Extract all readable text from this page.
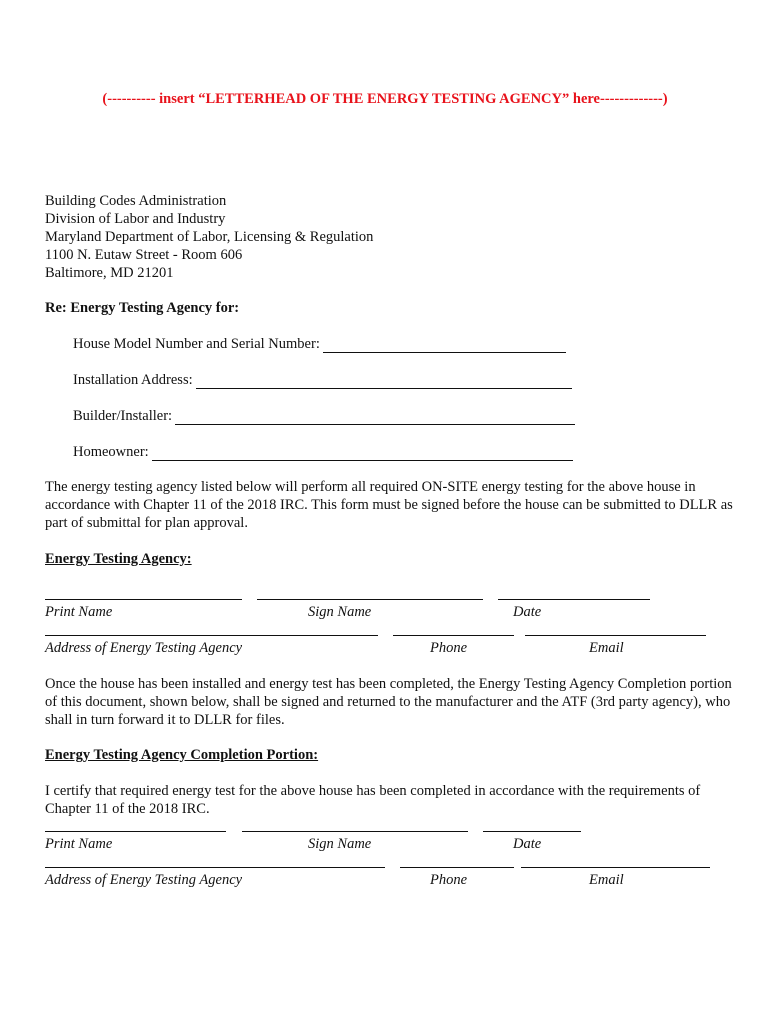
(---------- insert “LETTERHEAD OF THE ENERGY TESTING AGENCY” here-------------)
Building Codes Administration
Division of Labor and Industry
Maryland Department of Labor, Licensing & Regulation
1100 N. Eutaw Street - Room 606
Baltimore, MD 21201
Re: Energy Testing Agency for:
House Model Number and Serial Number:
Installation Address:
Builder/Installer:
Homeowner:
The energy testing agency listed below will perform all required ON-SITE energy testing for the above house in accordance with Chapter 11 of the 2018 IRC. This form must be signed before the house can be submitted to DLLR as part of submittal for plan approval.
Energy Testing Agency:
Print Name	Sign Name	Date
Address of Energy Testing Agency	Phone	Email
Once the house has been installed and energy test has been completed, the Energy Testing Agency Completion portion of this document, shown below, shall be signed and returned to the manufacturer and the ATF (3rd party agency), who shall in turn forward it to DLLR for files.
Energy Testing Agency Completion Portion:
I certify that required energy test for the above house has been completed in accordance with the requirements of Chapter 11 of the 2018 IRC.
Print Name	Sign Name	Date
Address of Energy Testing Agency	Phone	Email
